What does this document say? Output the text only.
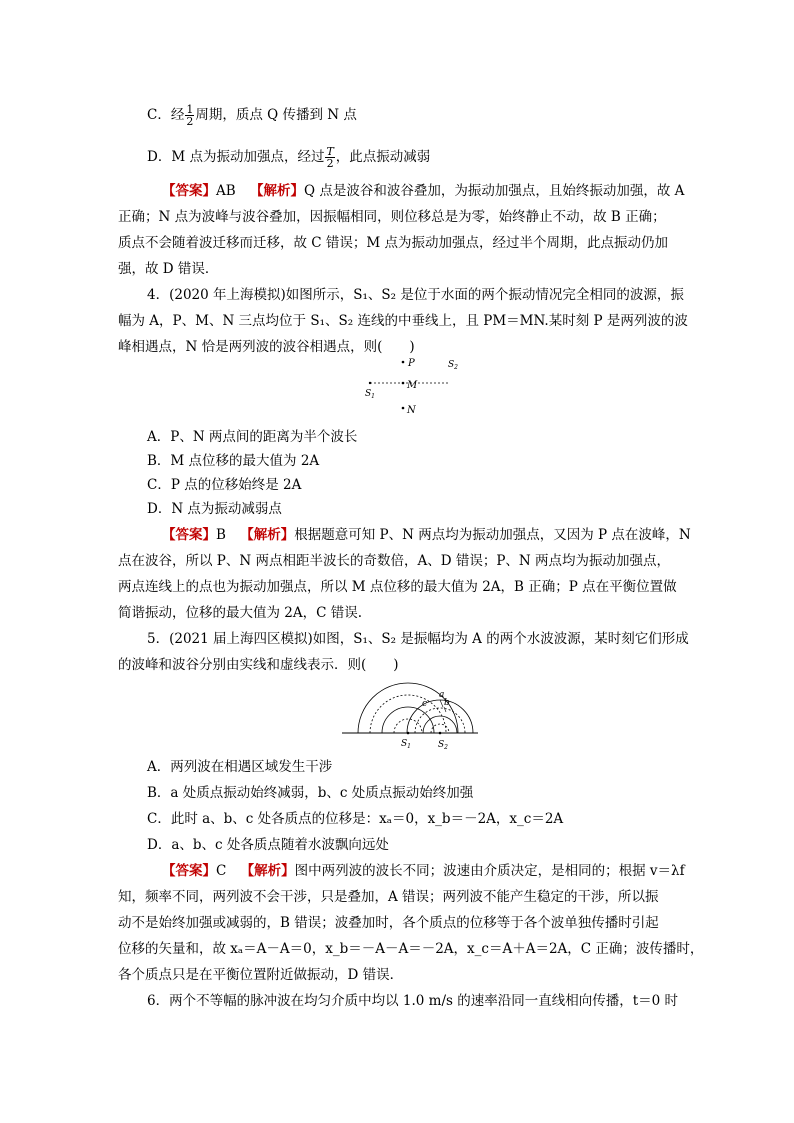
C．经 $\frac{1}{2}$ 周期，质点 Q 传播到 N 点
D．M 点为振动加强点，经过 $\frac{T}{2}$ ，此点振动减弱
【答案】AB 【解析】Q 点是波谷和波谷叠加，为振动加强点，且始终振动加强，故 A
正确；N 点为波峰与波谷叠加，因振幅相同，则位移总是为零，始终静止不动，故 B 正确；
质点不会随着波迁移而迁移，故 C 错误；M 点为振动加强点，经过半个周期，此点振动仍加
强，故 D 错误．
4．(2020 年上海模拟)如图所示，S₁、S₂ 是位于水面的两个振动情况完全相同的波源，振
幅为 A，P、M、N 三点均位于 S₁、S₂ 连线的中垂线上，且 PM＝MN.某时刻 P 是两列波的波
峰相遇点，N 恰是两列波的波谷相遇点，则(　　)
P	$S_2$
M
$S_1$
N
A．P、N 两点间的距离为半个波长
B．M 点位移的最大值为 2A
C．P 点的位移始终是 2A
D．N 点为振动减弱点
【答案】B 【解析】根据题意可知 P、N 两点均为振动加强点，又因为 P 点在波峰，N
点在波谷，所以 P、N 两点相距半波长的奇数倍，A、D 错误；P、N 两点均为振动加强点，
两点连线上的点也为振动加强点，所以 M 点位移的最大值为 2A，B 正确；P 点在平衡位置做
简谐振动，位移的最大值为 2A，C 错误.
5．(2021 届上海四区模拟)如图，S₁、S₂ 是振幅均为 A 的两个水波波源，某时刻它们形成
的波峰和波谷分别由实线和虚线表示．则(　　)
$S_1$	$S_2$
a
b
c
A．两列波在相遇区域发生干涉
B．a 处质点振动始终减弱，b、c 处质点振动始终加强
C．此时 a、b、c 处各质点的位移是：xₐ＝0，x_b＝－2A，x_c＝2A
D．a、b、c 处各质点随着水波飘向远处
【答案】C 【解析】图中两列波的波长不同；波速由介质决定，是相同的；根据 v＝λf
知，频率不同，两列波不会干涉，只是叠加，A 错误；两列波不能产生稳定的干涉，所以振
动不是始终加强或减弱的，B 错误；波叠加时，各个质点的位移等于各个波单独传播时引起
位移的矢量和，故 xₐ＝A－A＝0，x_b＝－A－A＝－2A，x_c＝A＋A＝2A，C 正确；波传播时，
各个质点只是在平衡位置附近做振动，D 错误．
6．两个不等幅的脉冲波在均匀介质中均以 1.0 m/s 的速率沿同一直线相向传播，t＝0 时
